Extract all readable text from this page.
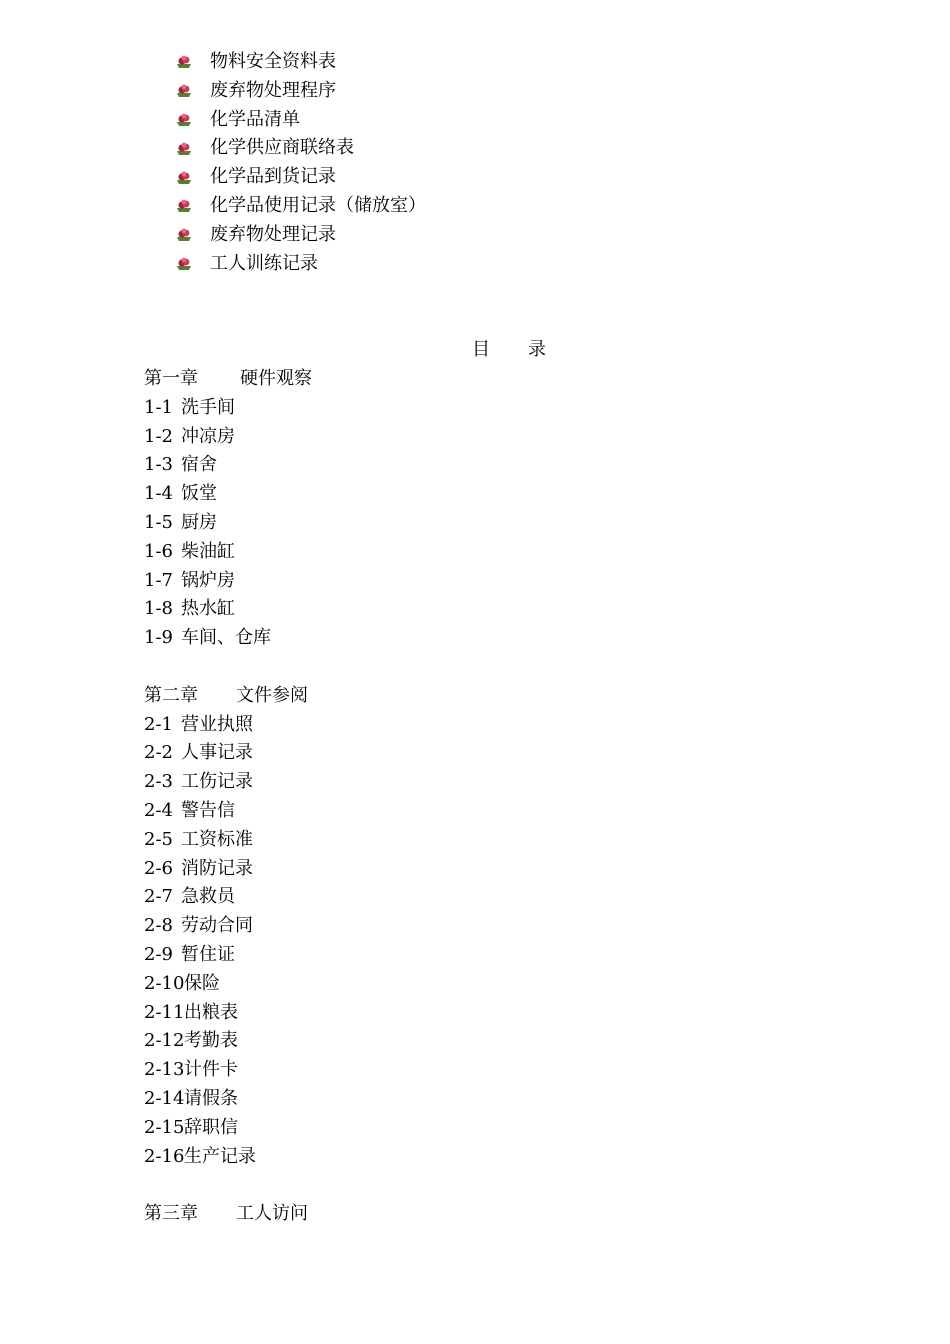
物料安全资料表
废弃物处理程序
化学品清单
化学供应商联络表
化学品到货记录
化学品使用记录（储放室）
废弃物处理记录
工人训练记录
目 录
第一章 硬件观察
1-1 洗手间
1-2 冲凉房
1-3 宿舍
1-4 饭堂
1-5 厨房
1-6 柴油缸
1-7 锅炉房
1-8 热水缸
1-9 车间、仓库
第二章 文件参阅
2-1 营业执照
2-2 人事记录
2-3 工伤记录
2-4 警告信
2-5 工资标准
2-6 消防记录
2-7 急救员
2-8 劳动合同
2-9 暂住证
2-10保险
2-11出粮表
2-12考勤表
2-13计件卡
2-14请假条
2-15辞职信
2-16生产记录
第三章 工人访问
